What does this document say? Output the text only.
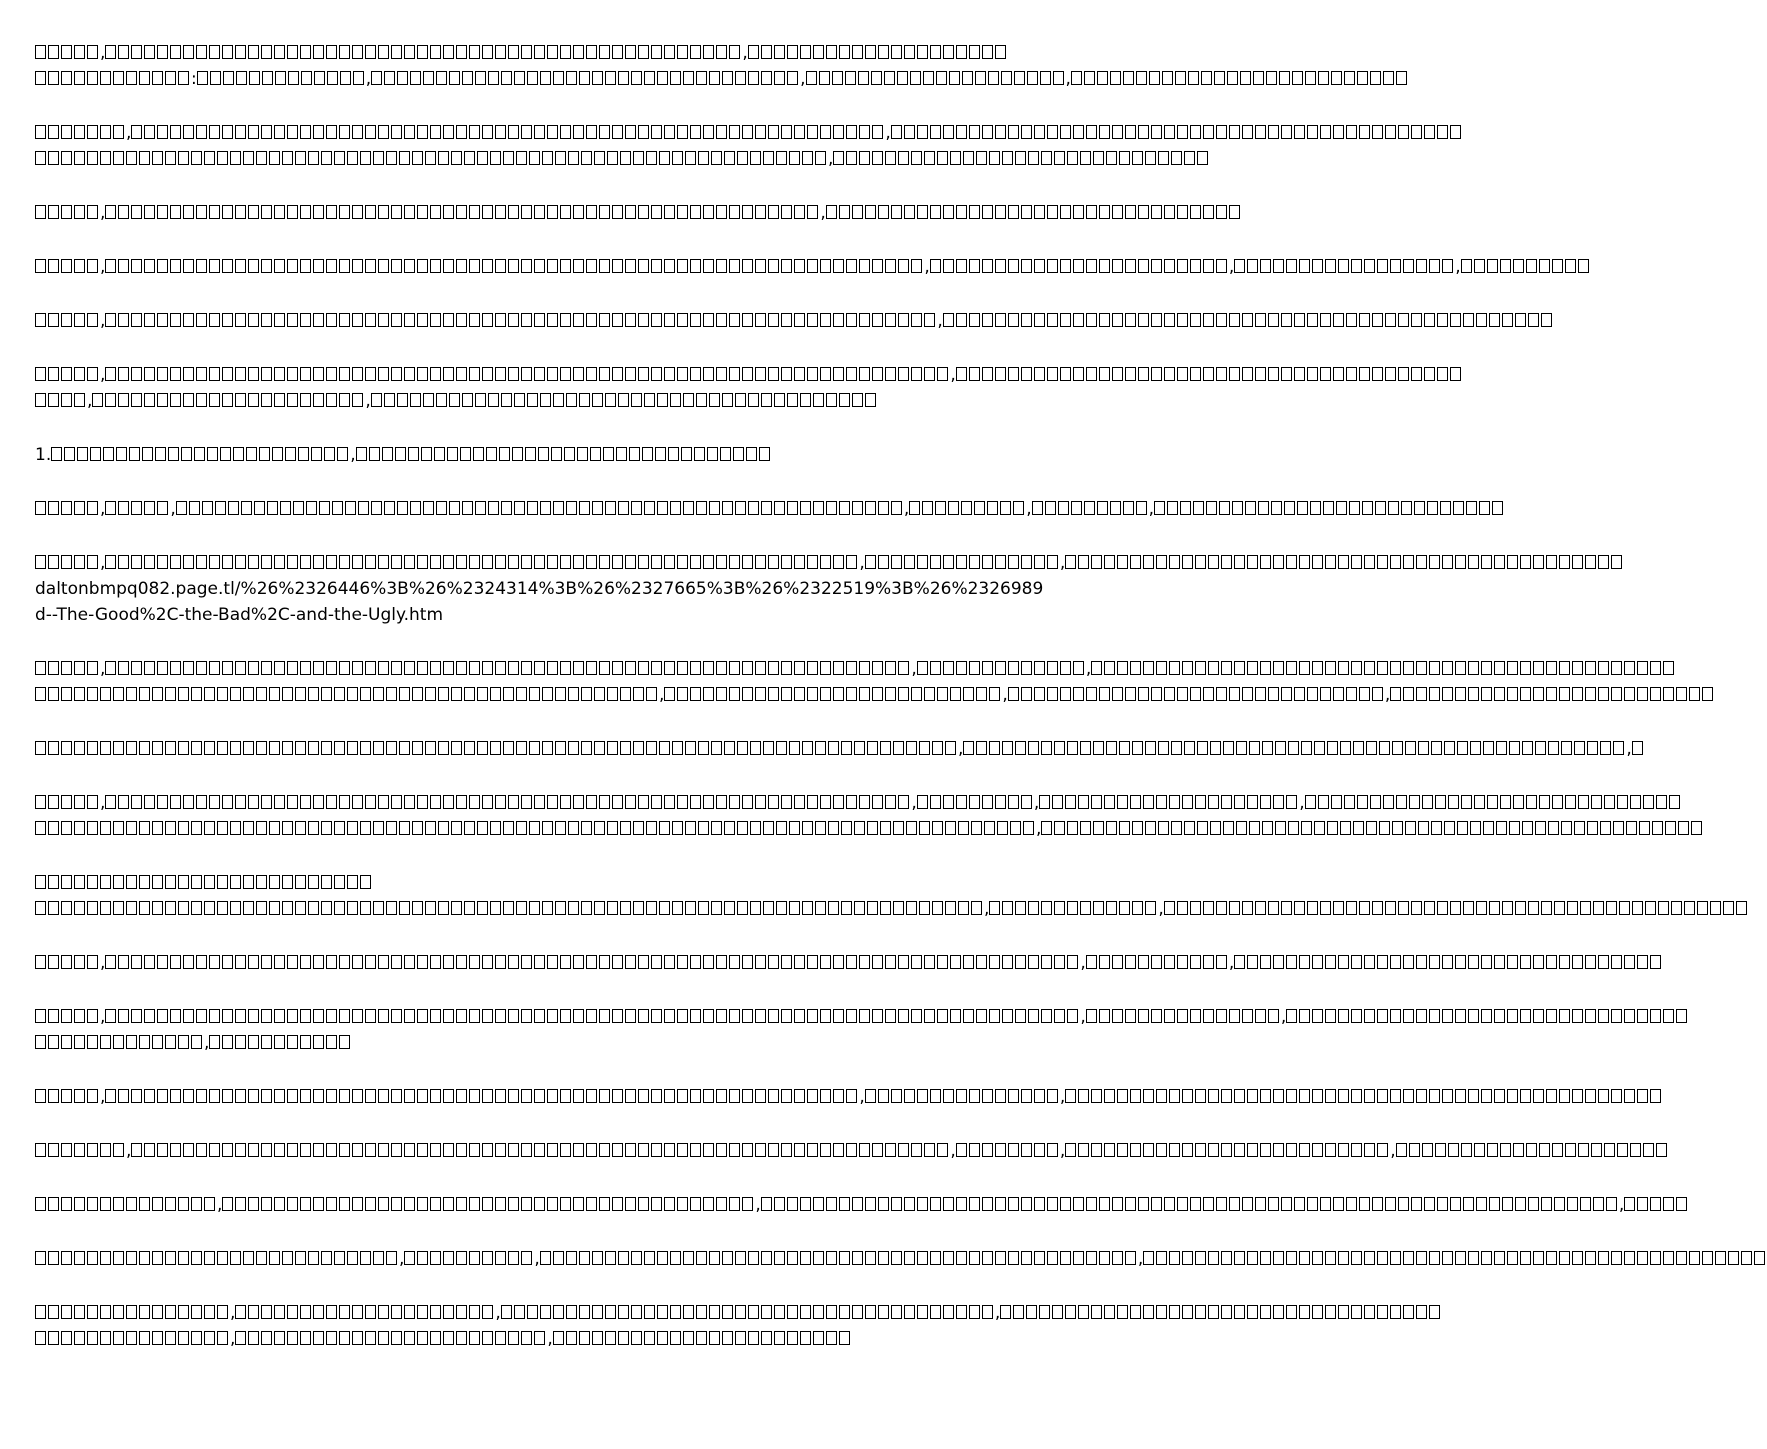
,	,
:	,	,	,
,	,
,
,	,
,	,	,	,
,	,
,	,
,	,
1.	,
,	,	,	,	,
,	,	,
daltonbmpq082.page.tl/%26%2326446%3B%26%2324314%3B%26%2327665%3B%26%2322519%3B%26%2326989
d--The-Good%2C-the-Bad%2C-and-the-Ugly.htm
,	,	,
,	,	,
,	,
,	,	,	,
,
,	,
,	,	,
,	,	,
,
,	,	,
,	,	,	,
,	,	,
,	,	,
,	,	,
,	,
